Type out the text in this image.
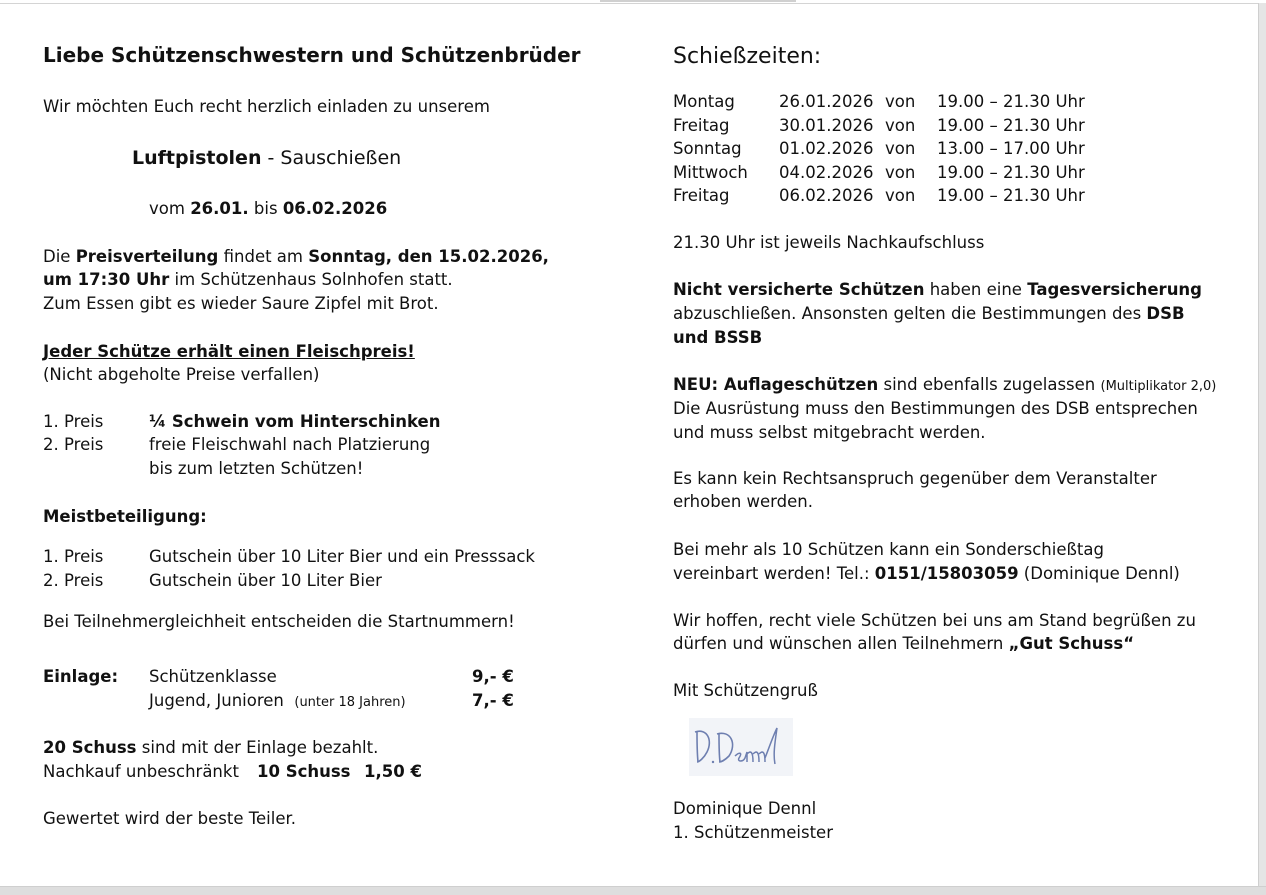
Liebe Schützenschwestern und Schützenbrüder
Wir möchten Euch recht herzlich einladen zu unserem
Luftpistolen - Sauschießen
vom 26.01. bis 06.02.2026
Die Preisverteilung findet am Sonntag, den 15.02.2026,
um 17:30 Uhr im Schützenhaus Solnhofen statt.
Zum Essen gibt es wieder Saure Zipfel mit Brot.
Jeder Schütze erhält einen Fleischpreis!
(Nicht abgeholte Preise verfallen)
1. Preis	¼ Schwein vom Hinterschinken
2. Preis	freie Fleischwahl nach Platzierung
bis zum letzten Schützen!
Meistbeteiligung:
1. Preis	Gutschein über 10 Liter Bier und ein Presssack
2. Preis	Gutschein über 10 Liter Bier
Bei Teilnehmergleichheit entscheiden die Startnummern!
Einlage: Schützenklasse	9,- €
Jugend, Junioren (unter 18 Jahren)	7,- €
20 Schuss sind mit der Einlage bezahlt.
Nachkauf unbeschränkt 10 Schuss 1,50 €
Gewertet wird der beste Teiler.
Schießzeiten:
Montag	26.01.2026 von 19.00 – 21.30 Uhr
Freitag	30.01.2026 von 19.00 – 21.30 Uhr
Sonntag 01.02.2026 von 13.00 – 17.00 Uhr
Mittwoch 04.02.2026 von 19.00 – 21.30 Uhr
Freitag	06.02.2026 von 19.00 – 21.30 Uhr
21.30 Uhr ist jeweils Nachkaufschluss
Nicht versicherte Schützen haben eine Tagesversicherung
abzuschließen. Ansonsten gelten die Bestimmungen des DSB
und BSSB
NEU: Auflageschützen sind ebenfalls zugelassen (Multiplikator 2,0)
Die Ausrüstung muss den Bestimmungen des DSB entsprechen
und muss selbst mitgebracht werden.
Es kann kein Rechtsanspruch gegenüber dem Veranstalter
erhoben werden.
Bei mehr als 10 Schützen kann ein Sonderschießtag
vereinbart werden! Tel.: 0151/15803059 (Dominique Dennl)
Wir hoffen, recht viele Schützen bei uns am Stand begrüßen zu
dürfen und wünschen allen Teilnehmern „Gut Schuss“
Mit Schützengruß
Dominique Dennl
1. Schützenmeister
